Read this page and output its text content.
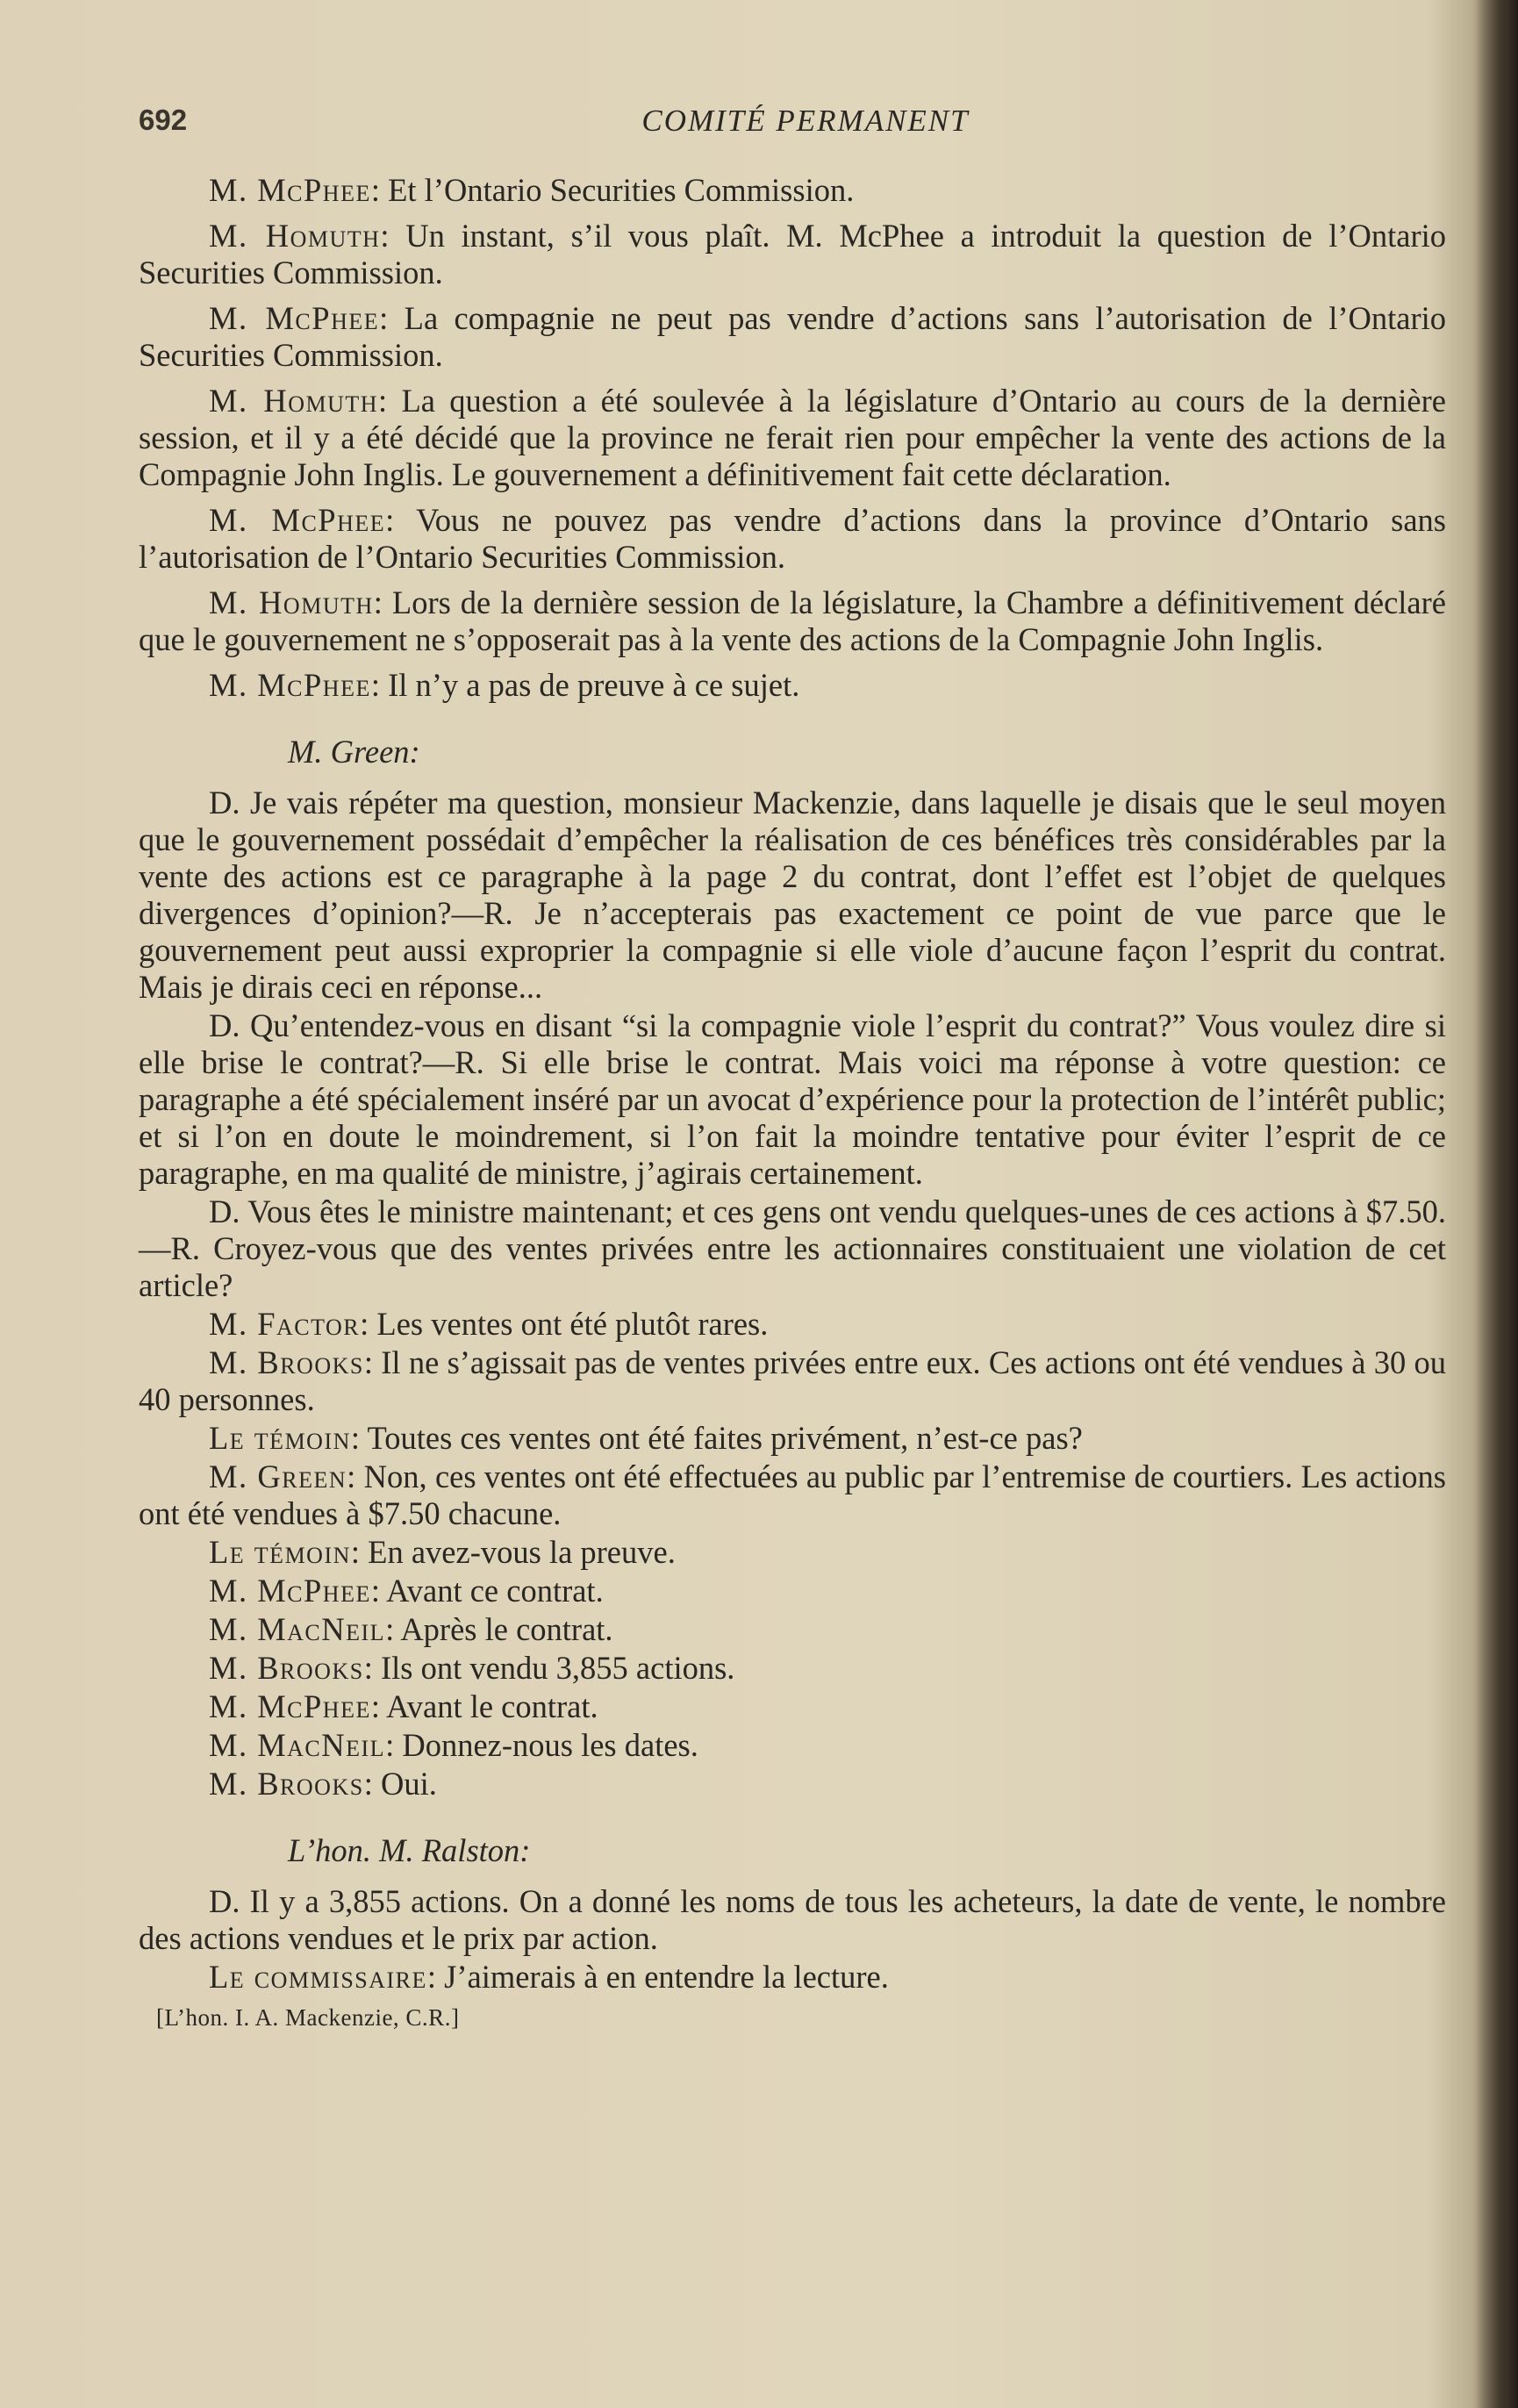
692	COMITÉ PERMANENT

M. McPhee: Et l’Ontario Securities Commission.

M. Homuth: Un instant, s’il vous plaît. M. McPhee a introduit la question de l’Ontario Securities Commission.

M. McPhee: La compagnie ne peut pas vendre d’actions sans l’autorisation de l’Ontario Securities Commission.

M. Homuth: La question a été soulevée à la législature d’Ontario au cours de la dernière session, et il y a été décidé que la province ne ferait rien pour empêcher la vente des actions de la Compagnie John Inglis. Le gouvernement a définitivement fait cette déclaration.

M. McPhee: Vous ne pouvez pas vendre d’actions dans la province d’Ontario sans l’autorisation de l’Ontario Securities Commission.

M. Homuth: Lors de la dernière session de la législature, la Chambre a définitivement déclaré que le gouvernement ne s’opposerait pas à la vente des actions de la Compagnie John Inglis.

M. McPhee: Il n’y a pas de preuve à ce sujet.

M. Green:

D. Je vais répéter ma question, monsieur Mackenzie, dans laquelle je disais que le seul moyen que le gouvernement possédait d’empêcher la réalisation de ces bénéfices très considérables par la vente des actions est ce paragraphe à la page 2 du contrat, dont l’effet est l’objet de quelques divergences d’opinion?—R. Je n’accepterais pas exactement ce point de vue parce que le gouvernement peut aussi exproprier la compagnie si elle viole d’aucune façon l’esprit du contrat. Mais je dirais ceci en réponse...

D. Qu’entendez-vous en disant “si la compagnie viole l’esprit du contrat?” Vous voulez dire si elle brise le contrat?—R. Si elle brise le contrat. Mais voici ma réponse à votre question: ce paragraphe a été spécialement inséré par un avocat d’expérience pour la protection de l’intérêt public; et si l’on en doute le moindrement, si l’on fait la moindre tentative pour éviter l’esprit de ce paragraphe, en ma qualité de ministre, j’agirais certainement.

D. Vous êtes le ministre maintenant; et ces gens ont vendu quelques-unes de ces actions à $7.50.—R. Croyez-vous que des ventes privées entre les actionnaires constituaient une violation de cet article?

M. Factor: Les ventes ont été plutôt rares.

M. Brooks: Il ne s’agissait pas de ventes privées entre eux. Ces actions ont été vendues à 30 ou 40 personnes.

Le témoin: Toutes ces ventes ont été faites privément, n’est-ce pas?

M. Green: Non, ces ventes ont été effectuées au public par l’entremise de courtiers. Les actions ont été vendues à $7.50 chacune.

Le témoin: En avez-vous la preuve.

M. McPhee: Avant ce contrat.

M. MacNeil: Après le contrat.

M. Brooks: Ils ont vendu 3,855 actions.

M. McPhee: Avant le contrat.

M. MacNeil: Donnez-nous les dates.

M. Brooks: Oui.

L’hon. M. Ralston:

D. Il y a 3,855 actions. On a donné les noms de tous les acheteurs, la date de vente, le nombre des actions vendues et le prix par action.

Le commissaire: J’aimerais à en entendre la lecture.

[L’hon. I. A. Mackenzie, C.R.]
